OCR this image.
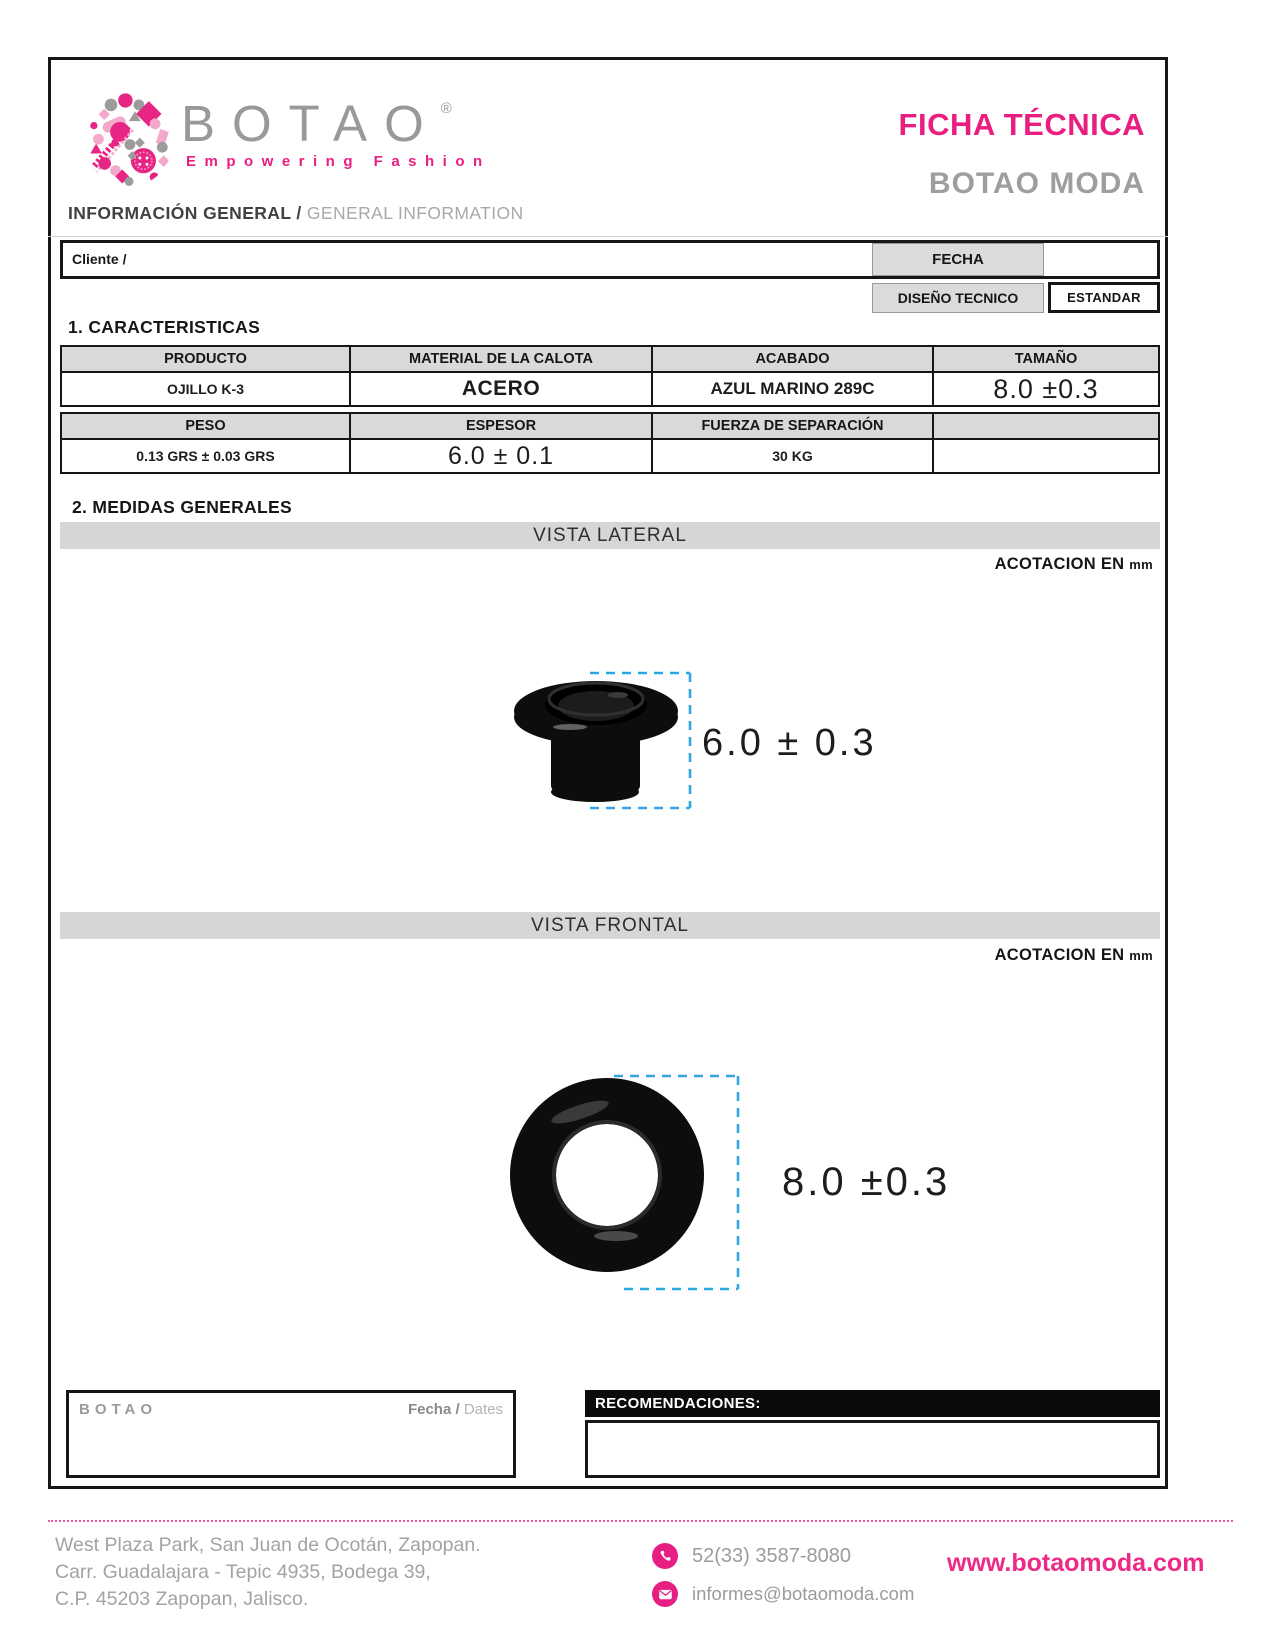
BOTAO®
Empowering Fashion
FICHA TÉCNICA
BOTAO MODA
INFORMACIÓN GENERAL / GENERAL INFORMATION
Cliente /	FECHA
DISEÑO TECNICO	ESTANDAR
1. CARACTERISTICAS
PRODUCTO	MATERIAL DE LA CALOTA	ACABADO	TAMAÑO
OJILLO K-3	ACERO	AZUL MARINO 289C	8.0 ±0.3
PESO	ESPESOR	FUERZA DE SEPARACIÓN
0.13 GRS ± 0.03 GRS	6.0 ± 0.1	30 KG
2. MEDIDAS GENERALES
VISTA LATERAL
ACOTACION EN mm
6.0 ± 0.3
VISTA FRONTAL
ACOTACION EN mm
8.0 ±0.3
BOTAO	Fecha / Dates	RECOMENDACIONES:
West Plaza Park, San Juan de Ocotán, Zapopan.
Carr. Guadalajara - Tepic 4935, Bodega 39,
C.P. 45203 Zapopan, Jalisco.
52(33) 3587-8080
informes@botaomoda.com
www.botaomoda.com
